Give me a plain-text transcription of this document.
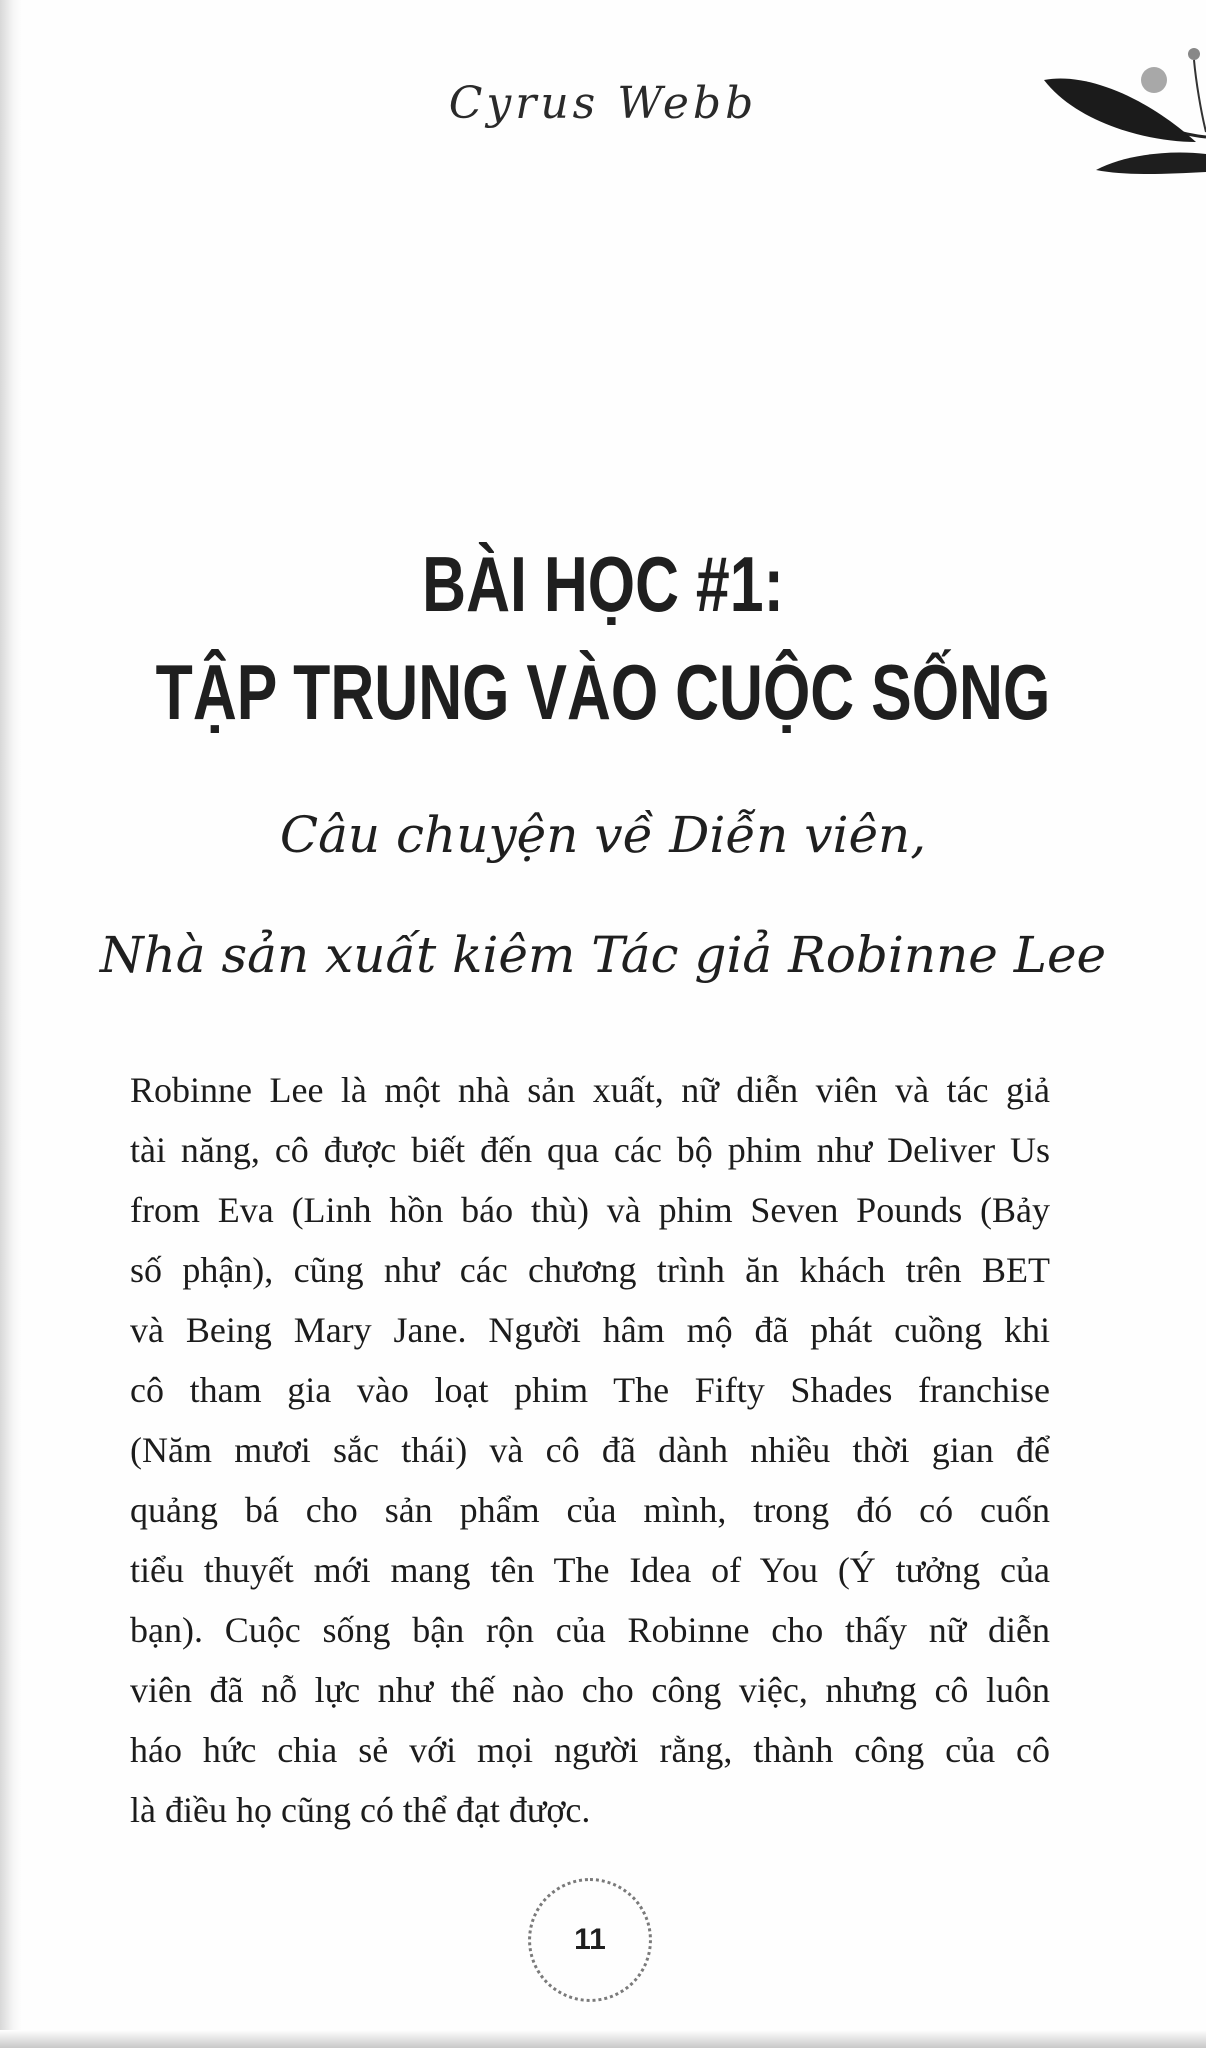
Cyrus Webb
BÀI HỌC #1:
TẬP TRUNG VÀO CUỘC SỐNG
Câu chuyện về Diễn viên,
Nhà sản xuất kiêm Tác giả Robinne Lee
Robinne Lee là một nhà sản xuất, nữ diễn viên và tác giả
tài năng, cô được biết đến qua các bộ phim như Deliver Us
from Eva (Linh hồn báo thù) và phim Seven Pounds (Bảy
số phận), cũng như các chương trình ăn khách trên BET
và Being Mary Jane. Người hâm mộ đã phát cuồng khi
cô tham gia vào loạt phim The Fifty Shades franchise
(Năm mươi sắc thái) và cô đã dành nhiều thời gian để
quảng bá cho sản phẩm của mình, trong đó có cuốn
tiểu thuyết mới mang tên The Idea of You (Ý tưởng của
bạn). Cuộc sống bận rộn của Robinne cho thấy nữ diễn
viên đã nỗ lực như thế nào cho công việc, nhưng cô luôn
háo hức chia sẻ với mọi người rằng, thành công của cô
là điều họ cũng có thể đạt được.
11
